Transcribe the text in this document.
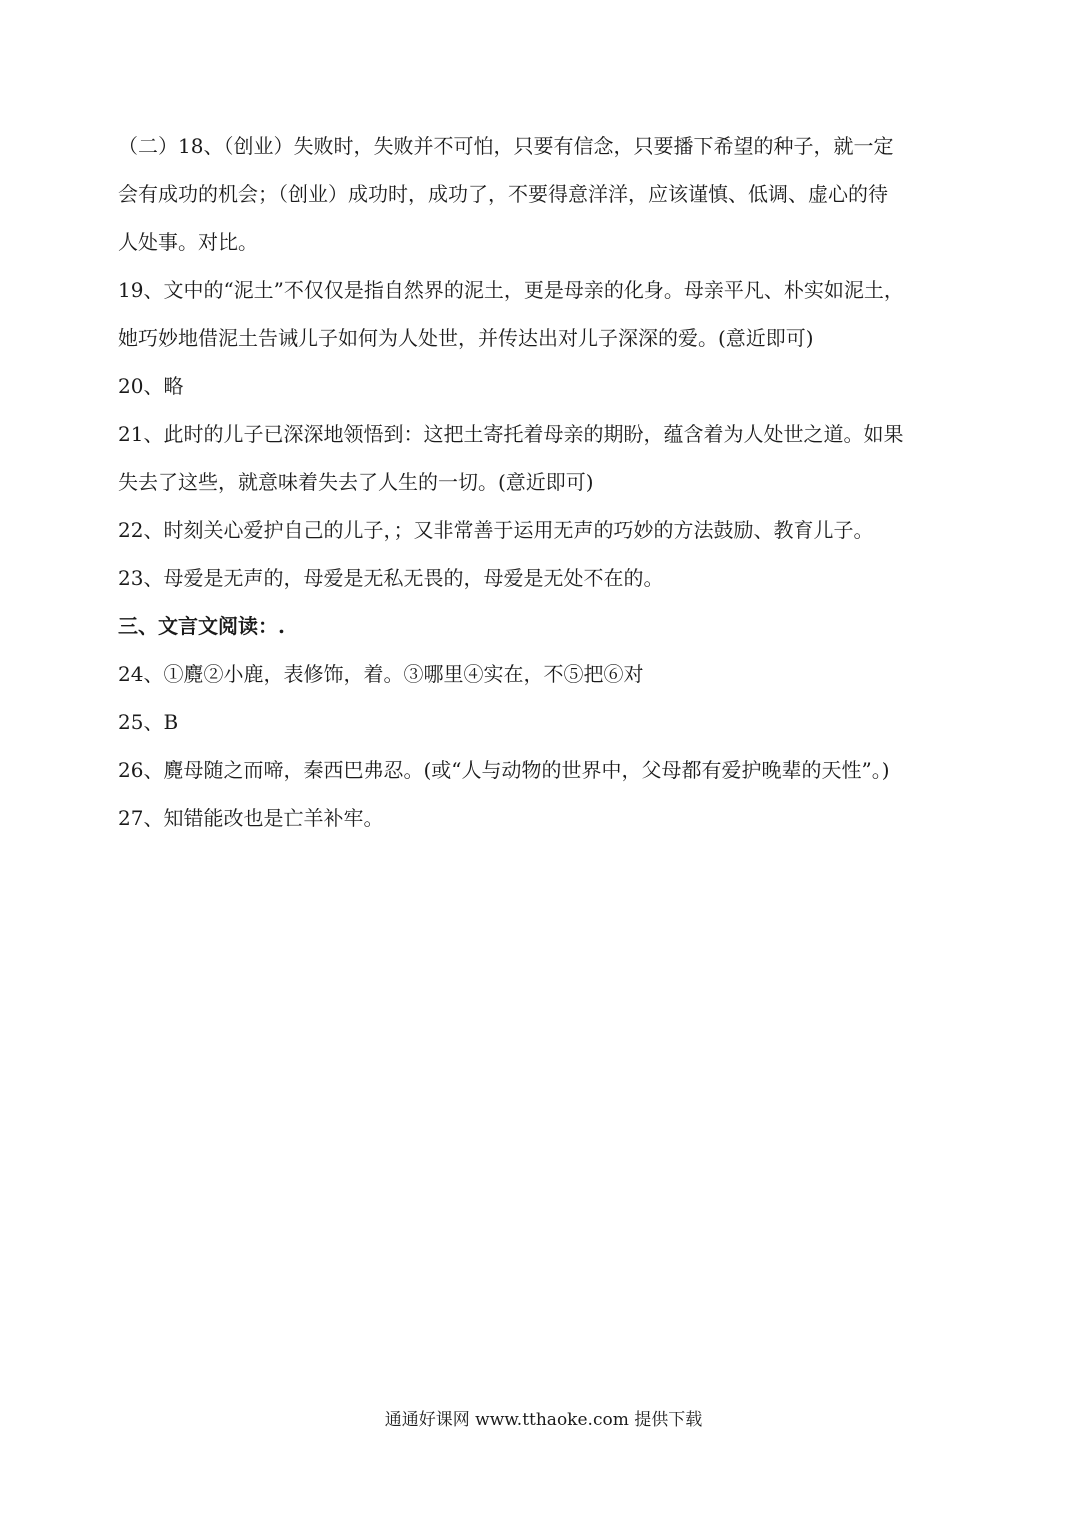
（二）18、（创业）失败时，失败并不可怕，只要有信念，只要播下希望的种子，就一定
会有成功的机会；（创业）成功时，成功了，不要得意洋洋，应该谨慎、低调、虚心的待
人处事。对比。
19、文中的“泥土”不仅仅是指自然界的泥土，更是母亲的化身。母亲平凡、朴实如泥土，
她巧妙地借泥土告诫儿子如何为人处世，并传达出对儿子深深的爱。(意近即可)
20、略
21、此时的儿子已深深地领悟到：这把土寄托着母亲的期盼，蕴含着为人处世之道。如果
失去了这些，就意味着失去了人生的一切。(意近即可)
22、时刻关心爱护自己的儿子，；又非常善于运用无声的巧妙的方法鼓励、教育儿子。
23、母爱是无声的，母爱是无私无畏的，母爱是无处不在的。
三、文言文阅读：.
24、①麑②小鹿，表修饰，着。③哪里④实在，不⑤把⑥对
25、B
26、麑母随之而啼，秦西巴弗忍。(或“人与动物的世界中，父母都有爱护晚辈的天性”。)
27、知错能改也是亡羊补牢。
通通好课网 www.tthaoke.com 提供下载
